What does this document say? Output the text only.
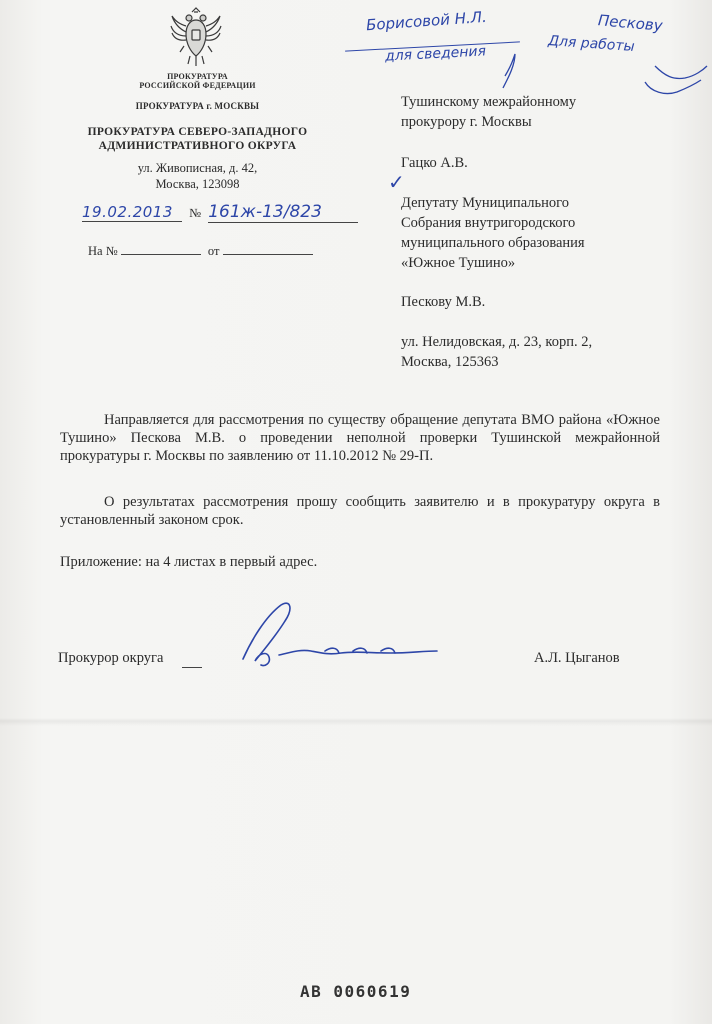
ПРОКУРАТУРА
РОССИЙСКОЙ ФЕДЕРАЦИИ
ПРОКУРАТУРА г. МОСКВЫ
ПРОКУРАТУРА СЕВЕРО-ЗАПАДНОГО
АДМИНИСТРАТИВНОГО ОКРУГА
ул. Живописная, д. 42,
Москва, 123098
19.02.2013 № 161ж-13/823
На №	от
Борисовой Н.Л.
для сведения
Пескову
Для работы
✓
Тушинскому межрайонному
прокурору г. Москвы
Гацко А.В.
Депутату Муниципального
Собрания внутригородского
муниципального образования
«Южное Тушино»
Пескову М.В.
ул. Нелидовская, д. 23, корп. 2,
Москва, 125363
Направляется для рассмотрения по существу обращение депутата ВМО района «Южное Тушино» Пескова М.В. о проведении неполной проверки Тушинской межрайонной прокуратуры г. Москвы по заявлению от 11.10.2012 № 29-П.
О результатах рассмотрения прошу сообщить заявителю и в прокуратуру округа в установленный законом срок.
Приложение: на 4 листах в первый адрес.
Прокурор округа	А.Л. Цыганов
АВ 0060619
